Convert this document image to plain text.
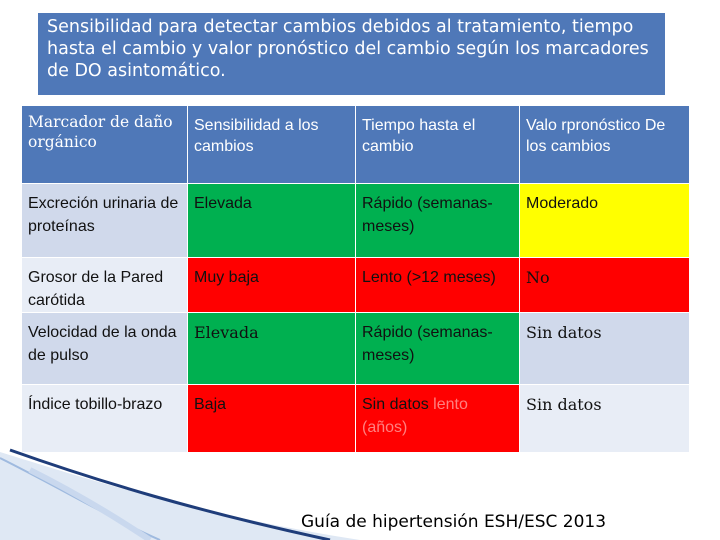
Sensibilidad para detectar cambios debidos al tratamiento, tiempo hasta el cambio y valor pronóstico del cambio según los marcadores de DO asintomático.
Marcador de daño orgánico	Sensibilidad a los cambios	Tiempo hasta el cambio	Valo rpronóstico De los cambios
Excreción urinaria de proteínas	Elevada	Rápido (semanas-meses)	Moderado
Grosor de la Pared carótida	Muy baja	Lento (>12 meses)	No
Velocidad de la onda de pulso	Elevada	Rápido (semanas-meses)	Sin datos
Índice tobillo-brazo	Baja	Sin datos lento (años)	Sin datos
Guía de hipertensión ESH/ESC 2013
